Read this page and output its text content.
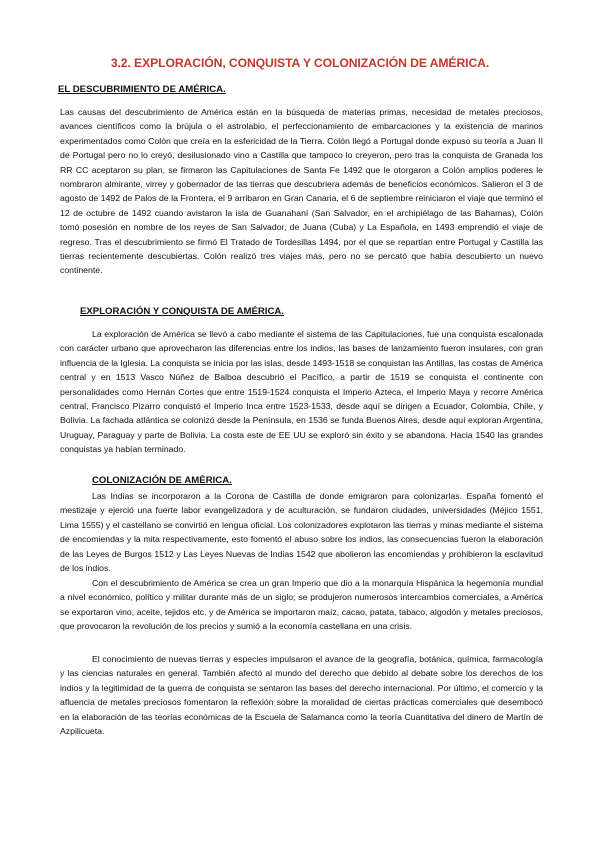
3.2. EXPLORACIÓN, CONQUISTA Y COLONIZACIÓN DE AMÉRICA.
EL DESCUBRIMIENTO DE AMÉRICA.

Las causas del descubrimiento de América están en la búsqueda de materias primas, necesidad de metales preciosos, avances científicos como la brújula o el astrolabio, el perfeccionamiento de embarcaciones y la existencia de marinos experimentados como Colón que creía en la esfericidad de la Tierra. Colón llegó a Portugal donde expuso su teoría a Juan II de Portugal pero no lo creyó, desilusionado vino a Castilla que tampoco lo creyeron, pero tras la conquista de Granada los RR CC aceptaron su plan, se firmaron las Capitulaciones de Santa Fe 1492 que le otorgaron a Colón amplios poderes le nombraron almirante, virrey y gobernador de las tierras que descubriera además de beneficios económicos. Salieron el 3 de agosto de 1492 de Palos de la Frontera, el 9 arribaron en Gran Canaria, el 6 de septiembre reiniciaron el viaje que terminó el 12 de octubre de 1492 cuando avistaron la isla de Guanahaní (San Salvador, en el archipiélago de las Bahamas), Colón tomó posesión en nombre de los reyes de San Salvador, de Juana (Cuba) y La Española, en 1493 emprendió el viaje de regreso. Tras el descubrimiento se firmó El Tratado de Tordesillas 1494, por el que se repartían entre Portugal y Castilla las tierras recientemente descubiertas. Colón realizó tres viajes más, pero no se percató que había descubierto un nuevo continente.

EXPLORACIÓN Y CONQUISTA DE AMÉRICA.

La exploración de América se llevó a cabo mediante el sistema de las Capitulaciones, fue una conquista escalonada con carácter urbano que aprovecharon las diferencias entre los indios, las bases de lanzamiento fueron insulares, con gran influencia de la Iglesia. La conquista se inicia por las islas, desde 1493-1518 se conquistan las Antillas, las costas de América central y en 1513 Vasco Núñez de Balboa descubrió el Pacífico, a partir de 1519 se conquista el continente con personalidades como Hernán Cortes que entre 1519-1524 conquista el Imperio Azteca, el Imperio Maya y recorre América central, Francisco Pizarro conquistó el Imperio Inca entre 1523-1533, desde aquí se dirigen a Ecuador, Colombia, Chile, y Bolivia. La fachada atlántica se colonizó desde la Península, en 1536 se funda Buenos Aires, desde aquí exploran Argentina, Uruguay, Paraguay y parte de Bolivia. La costa este de EE UU se exploró sin éxito y se abandona. Hacia 1540 las grandes conquistas ya habían terminado.

COLONIZACIÓN DE AMÉRICA.

Las Indias se incorporaron a la Corona de Castilla de donde emigraron para colonizarlas. España fomentó el mestizaje y ejerció una fuerte labor evangelizadora y de aculturación, se fundaron ciudades, universidades (Méjico 1551, Lima 1555) y el castellano se convirtió en lengua oficial. Los colonizadores explotaron las tierras y minas mediante el sistema de encomiendas y la mita respectivamente, esto fomentó el abuso sobre los indios, las consecuencias fueron la elaboración de las Leyes de Burgos 1512 y Las Leyes Nuevas de Indias 1542 que abolieron las encomiendas y prohibieron la esclavitud de los indios.

Con el descubrimiento de América se crea un gran Imperio que dio a la monarquía Hispánica la hegemonía mundial a nivel económico, político y militar durante más de un siglo; se produjeron numerosos intercambios comerciales, a América se exportaron vino, aceite, tejidos etc. y de América se importaron maíz, cacao, patata, tabaco, algodón y metales preciosos, que provocaron la revolución de los precios y sumió a la economía castellana en una crisis.

El conocimiento de nuevas tierras y especies impulsaron el avance de la geografía, botánica, química, farmacología y las ciencias naturales en general. También afectó al mundo del derecho que debido al debate sobre los derechos de los indios y la legitimidad de la guerra de conquista se sentaron las bases del derecho internacional. Por último, el comercio y la afluencia de metales preciosos fomentaron la reflexión sobre la moralidad de ciertas prácticas comerciales que desembocó en la elaboración de las teorías económicas de la Escuela de Salamanca como la teoría Cuantitativa del dinero de Martín de Azpilicueta.
